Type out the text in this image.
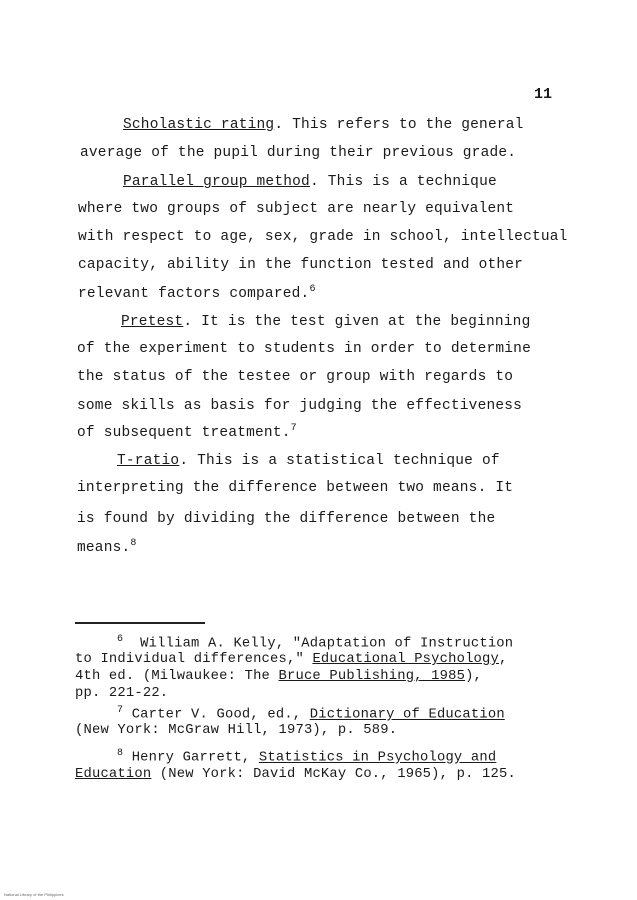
11
Scholastic rating. This refers to the general
average of the pupil during their previous grade.
Parallel group method. This is a technique
where two groups of subject are nearly equivalent
with respect to age, sex, grade in school, intellectual
capacity, ability in the function tested and other
relevant factors compared.$^6$
Pretest. It is the test given at the beginning
of the experiment to students in order to determine
the status of the testee or group with regards to
some skills as basis for judging the effectiveness
of subsequent treatment.$^7$
T-ratio. This is a statistical technique of
interpreting the difference between two means. It
is found by dividing the difference between the
means.$^8$
$^6$ William A. Kelly, "Adaptation of Instruction
to Individual differences," Educational Psychology,
4th ed. (Milwaukee: The Bruce Publishing, 1985),
pp. 221-22.
$^7$ Carter V. Good, ed., Dictionary of Education
(New York: McGraw Hill, 1973), p. 589.
$^8$ Henry Garrett, Statistics in Psychology and
Education (New York: David McKay Co., 1965), p. 125.
National Library of the Philippines
